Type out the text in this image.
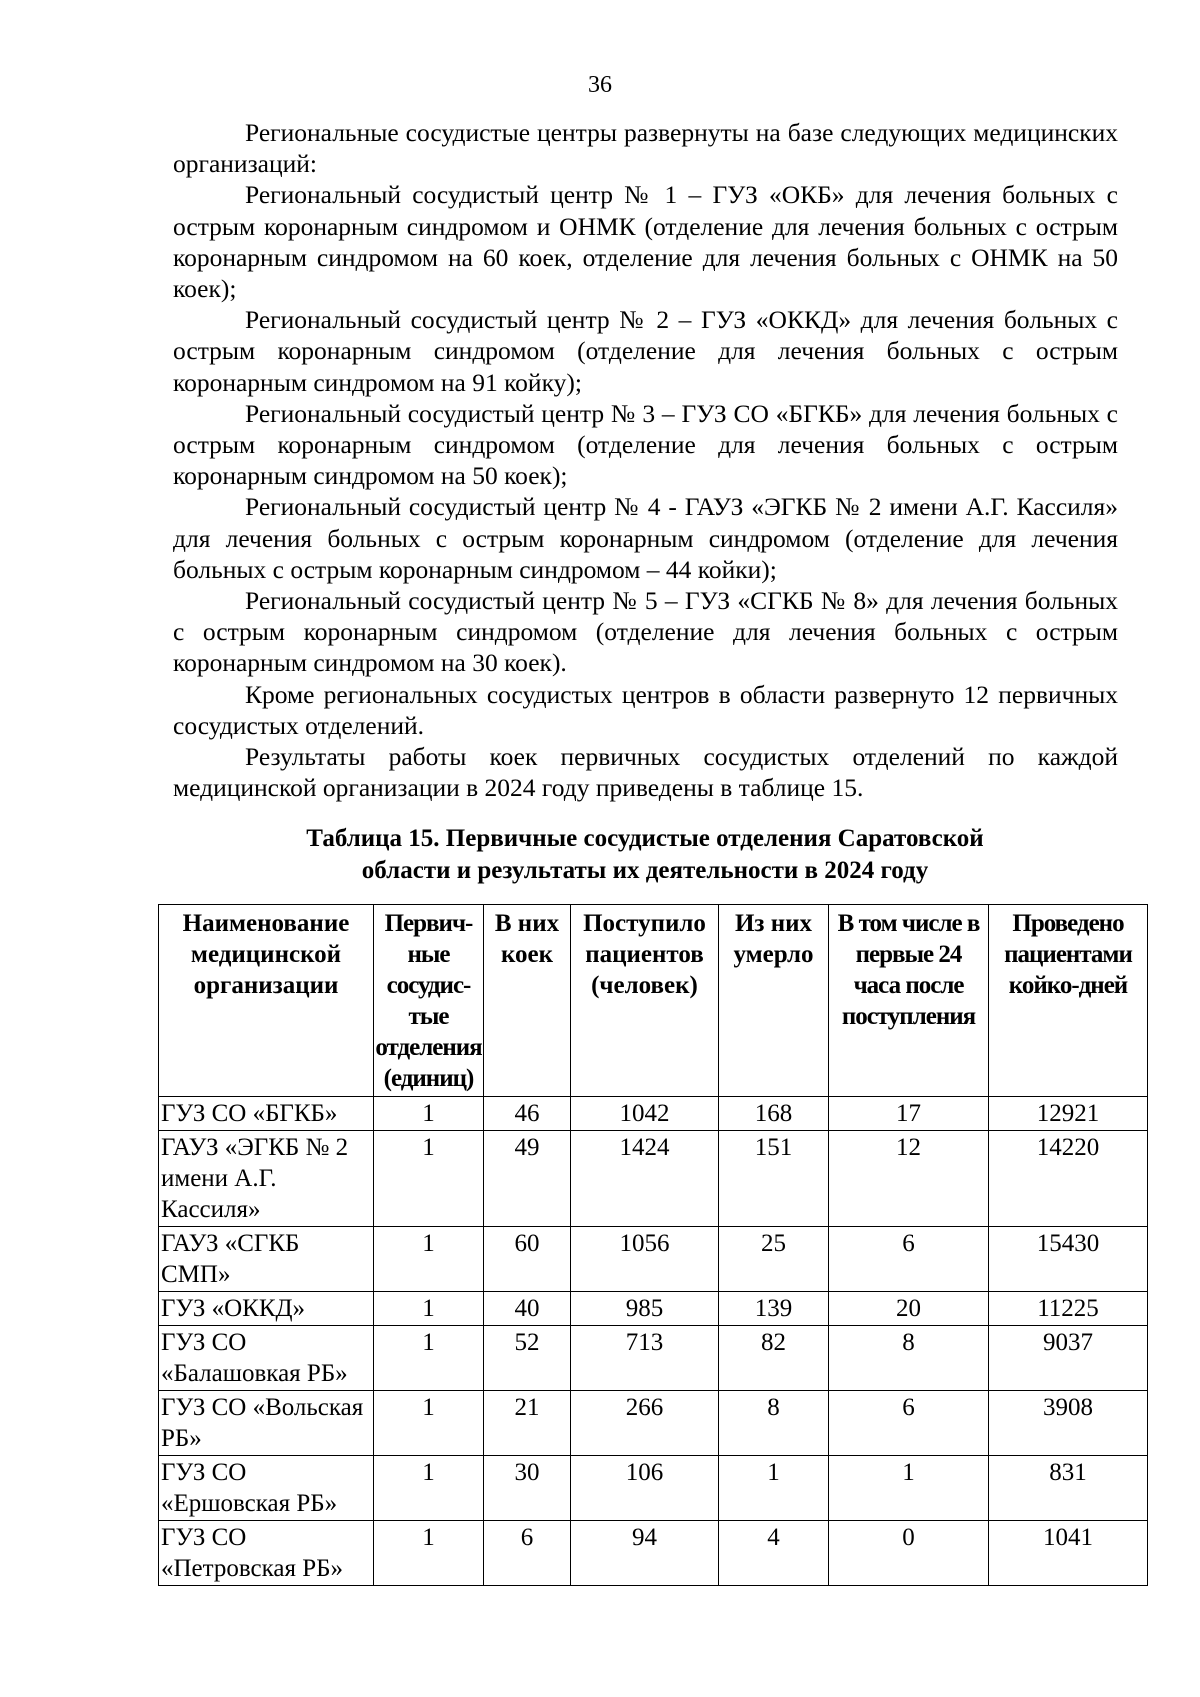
36

Региональные сосудистые центры развернуты на базе следующих медицинских организаций:

Региональный сосудистый центр № 1 – ГУЗ «ОКБ» для лечения больных с острым коронарным синдромом и ОНМК (отделение для лечения больных с острым коронарным синдромом на 60 коек, отделение для лечения больных с ОНМК на 50 коек);

Региональный сосудистый центр № 2 – ГУЗ «ОККД» для лечения больных с острым коронарным синдромом (отделение для лечения больных с острым коронарным синдромом на 91 койку);

Региональный сосудистый центр № 3 – ГУЗ СО «БГКБ» для лечения больных с острым коронарным синдромом (отделение для лечения больных с острым коронарным синдромом на 50 коек);

Региональный сосудистый центр № 4 - ГАУЗ «ЭГКБ № 2 имени А.Г. Кассиля» для лечения больных с острым коронарным синдромом (отделение для лечения больных с острым коронарным синдромом – 44 койки);

Региональный сосудистый центр № 5 – ГУЗ «СГКБ № 8» для лечения больных с острым коронарным синдромом (отделение для лечения больных с острым коронарным синдромом на 30 коек).

Кроме региональных сосудистых центров в области развернуто 12 первичных сосудистых отделений.

Результаты работы коек первичных сосудистых отделений по каждой медицинской организации в 2024 году приведены в таблице 15.

Таблица 15. Первичные сосудистые отделения Саратовской
области и результаты их деятельности в 2024 году
Наименование медицинской организации	Первич-ные сосудис-тые отделения (единиц)	В них коек	Поступило пациентов (человек)	Из них умерло	В том числе в первые 24 часа после поступления	Проведено пациентами койко-дней
ГУЗ СО «БГКБ»	1	46	1042	168	17	12921
ГАУЗ «ЭГКБ № 2 имени А.Г. Кассиля»	1	49	1424	151	12	14220
ГАУЗ «СГКБ СМП»	1	60	1056	25	6	15430
ГУЗ «ОККД»	1	40	985	139	20	11225
ГУЗ СО «Балашовкая РБ»	1	52	713	82	8	9037
ГУЗ СО «Вольская РБ»	1	21	266	8	6	3908
ГУЗ СО «Ершовская РБ»	1	30	106	1	1	831
ГУЗ СО «Петровская РБ»	1	6	94	4	0	1041
